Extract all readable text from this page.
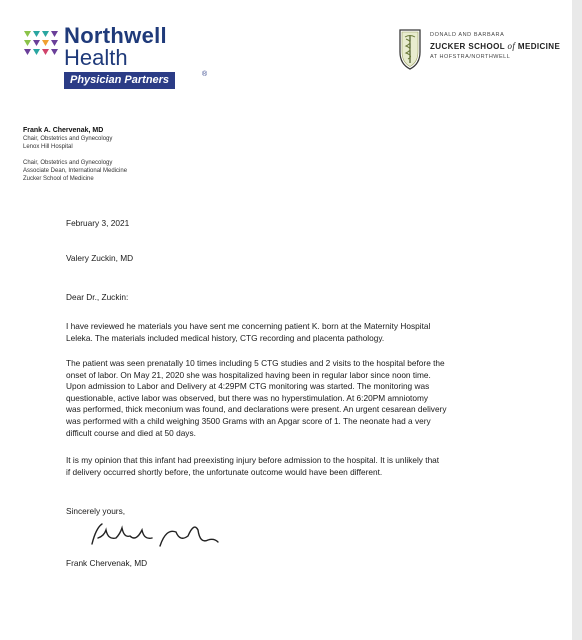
Northwell
Health
Physician Partners	®
DONALD AND BARBARA
ZUCKER SCHOOL of MEDICINE
AT HOFSTRA/NORTHWELL
Frank A. Chervenak, MD
Chair, Obstetrics and Gynecology
Lenox Hill Hospital
Chair, Obstetrics and Gynecology
Associate Dean, International Medicine
Zucker School of Medicine
February 3, 2021
Valery Zuckin, MD
Dear Dr., Zuckin:
I have reviewed he materials you have sent me concerning patient K. born at the Maternity Hospital
Leleka. The materials included medical history, CTG recording and placenta pathology.
The patient was seen prenatally 10 times including 5 CTG studies and 2 visits to the hospital before the
onset of labor. On May 21, 2020 she was hospitalized having been in regular labor since noon time.
Upon admission to Labor and Delivery at 4:29PM CTG monitoring was started. The monitoring was
questionable, active labor was observed, but there was no hyperstimulation. At 6:20PM amniotomy
was performed, thick meconium was found, and declarations were present. An urgent cesarean delivery
was performed with a child weighing 3500 Grams with an Apgar score of 1. The neonate had a very
difficult course and died at 50 days.
It is my opinion that this infant had preexisting injury before admission to the hospital. It is unlikely that
if delivery occurred shortly before, the unfortunate outcome would have been different.
Sincerely yours,
Frank Chervenak, MD
